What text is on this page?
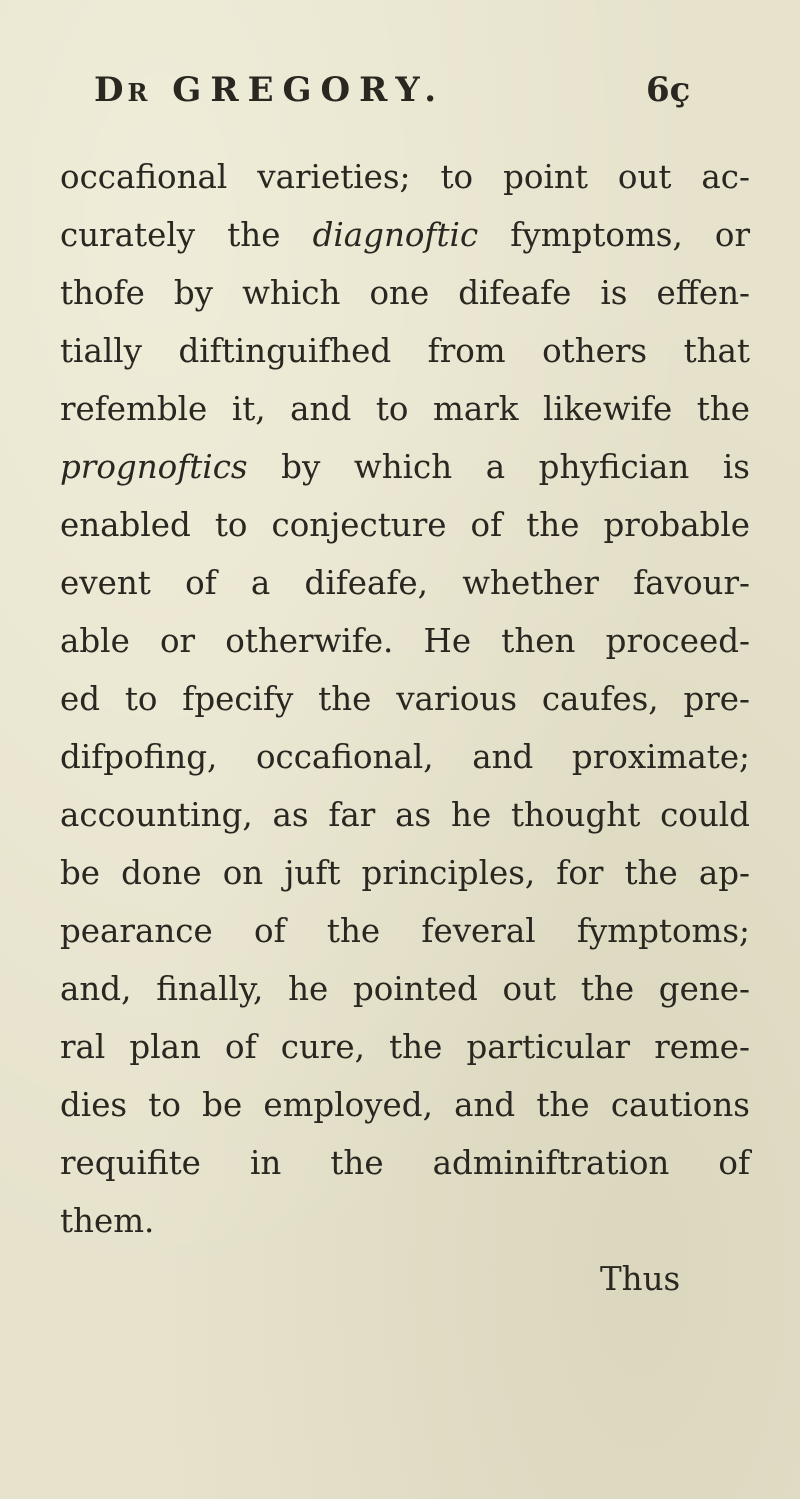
DR GREGORY.	6ç
occafional varieties; to point out ac-
curately the diagnoftic fymptoms, or
thofe by which one difeafe is effen-
tially diftinguifhed from others that
refemble it, and to mark likewife the
prognoftics by which a phyfician is
enabled to conjecture of the probable
event of a difeafe, whether favour-
able or otherwife. He then proceed-
ed to fpecify the various caufes, pre-
difpofing, occafional, and proximate;
accounting, as far as he thought could
be done on juft principles, for the ap-
pearance of the feveral fymptoms;
and, finally, he pointed out the gene-
ral plan of cure, the particular reme-
dies to be employed, and the cautions
requifite in the adminiftration of
them.
Thus
